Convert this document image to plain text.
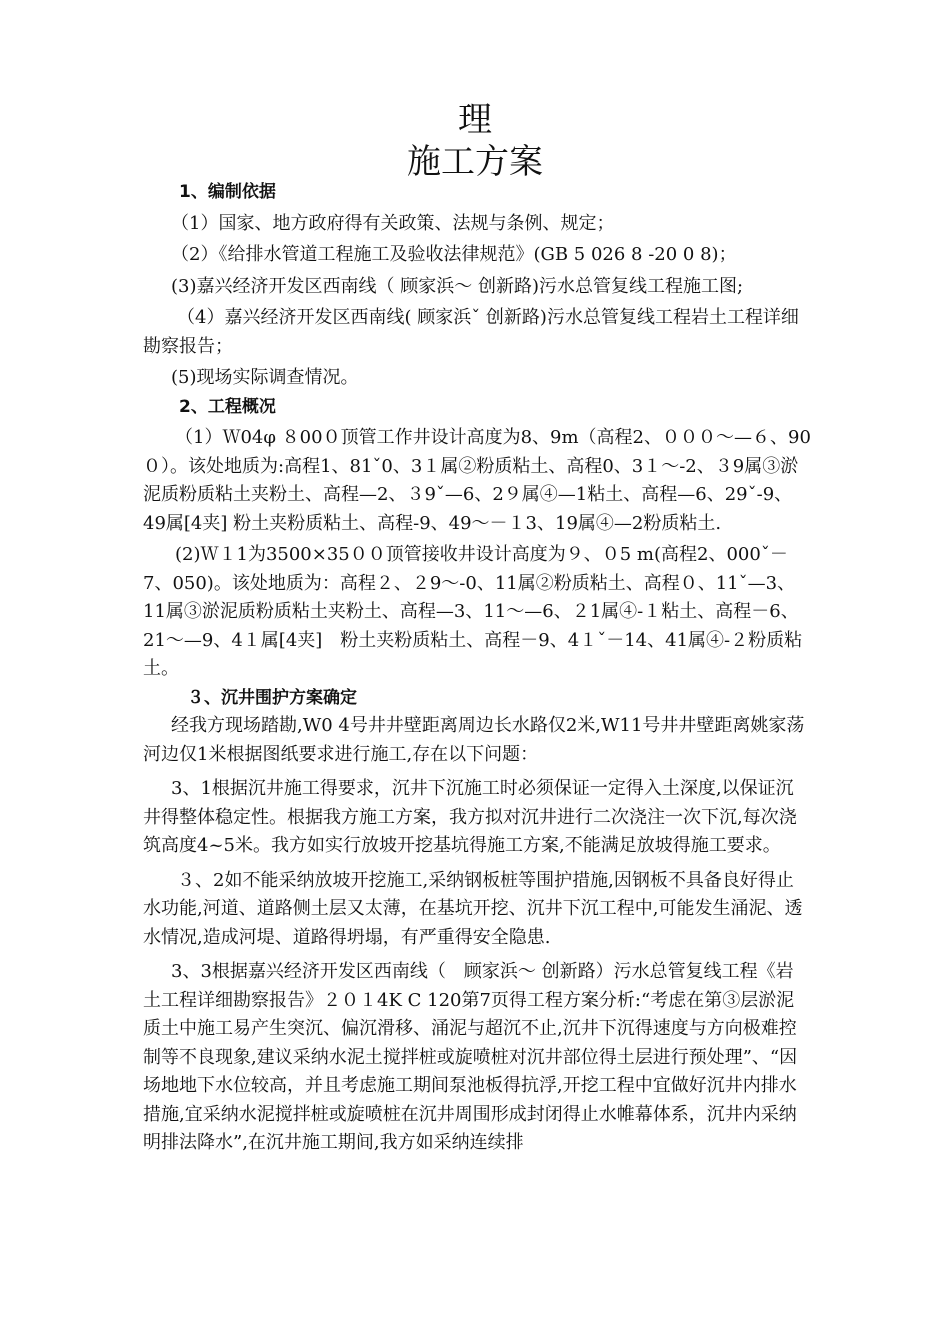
理
施工方案

1、编制依据

（1）国家、地方政府得有关政策、法规与条例、规定；

（2）《给排水管道工程施工及验收法律规范》(GB 5 026 8 -20 0 8)；

(3)嘉兴经济开发区西南线（ 顾家浜～ 创新路)污水总管复线工程施工图;

（4）嘉兴经济开发区西南线( 顾家浜ˇ 创新路)污水总管复线工程岩土工程详细勘察报告；

(5)现场实际调查情况。

2、工程概况

（1）Ｗ04φ ８00０顶管工作井设计高度为8、9m（高程2、０００～—６、90０）。该处地质为:高程1、81ˇ0、3１属②粉质粘土、高程0、3１～-2、３9属③淤泥质粉质粘土夹粉土、高程—2、３9ˇ—6、2９属④—1粘土、高程—6、29ˇ-9、49属[4夹] 粉土夹粉质粘土、高程-9、49～－１3、19属④—2粉质粘土.

(2)Ｗ１1为3500×35００顶管接收井设计高度为９、０5 m(高程2、000ˇ－7、050)。该处地质为：高程２、２9～-0、11属②粉质粘土、高程０、11ˇ—3、11属③淤泥质粉质粘土夹粉土、高程—3、11～—6、２1属④-１粘土、高程－6、21～—9、4１属[4夹]　粉土夹粉质粘土、高程－9、4１ˇ－14、41属④-２粉质粘土。

３、沉井围护方案确定

经我方现场踏勘,W0 4号井井壁距离周边长水路仅2米,W11号井井壁距离姚家荡河边仅1米根据图纸要求进行施工,存在以下问题：

3、1根据沉井施工得要求，沉井下沉施工时必须保证一定得入土深度,以保证沉井得整体稳定性。根据我方施工方案，我方拟对沉井进行二次浇注一次下沉,每次浇筑高度4~5米。我方如实行放坡开挖基坑得施工方案,不能满足放坡得施工要求。

３、2如不能采纳放坡开挖施工,采纳钢板桩等围护措施,因钢板不具备良好得止水功能,河道、道路侧土层又太薄，在基坑开挖、沉井下沉工程中,可能发生涌泥、透水情况,造成河堤、道路得坍塌，有严重得安全隐患.

3、3根据嘉兴经济开发区西南线（　顾家浜～ 创新路）污水总管复线工程《岩土工程详细勘察报告》２０１4K C 120第7页得工程方案分析:“考虑在第③层淤泥质土中施工易产生突沉、偏沉滑移、涌泥与超沉不止,沉井下沉得速度与方向极难控制等不良现象,建议采纳水泥土搅拌桩或旋喷桩对沉井部位得土层进行预处理”、“因场地地下水位较高，并且考虑施工期间泵池板得抗浮,开挖工程中宜做好沉井内排水措施,宜采纳水泥搅拌桩或旋喷桩在沉井周围形成封闭得止水帷幕体系，沉井内采纳明排法降水”,在沉井施工期间,我方如采纳连续排
